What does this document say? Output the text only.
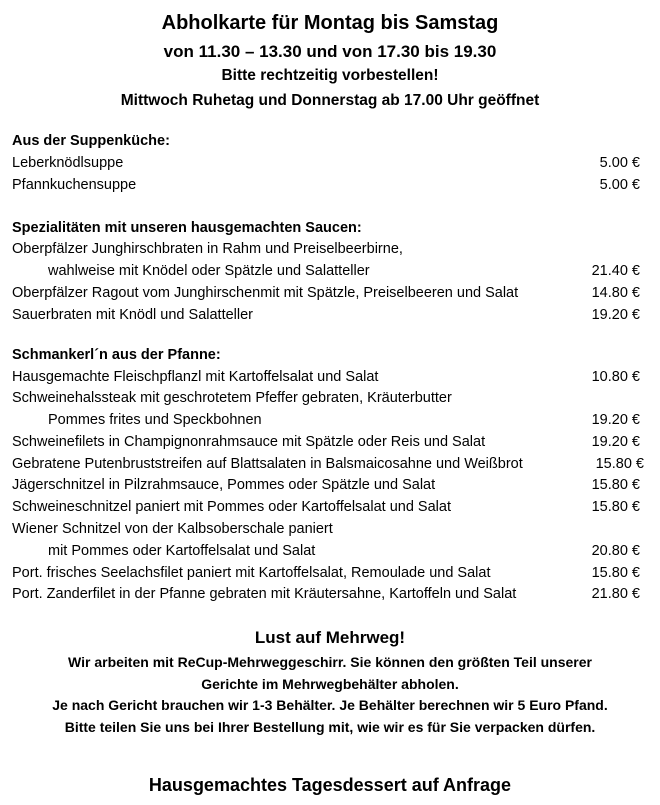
Abholkarte für Montag bis Samstag
von 11.30 – 13.30 und von 17.30 bis 19.30
Bitte rechtzeitig vorbestellen!
Mittwoch Ruhetag und Donnerstag ab 17.00 Uhr geöffnet
Aus der Suppenküche:
Leberknödlsuppe	5.00 €
Pfannkuchensuppe	5.00 €
Spezialitäten mit unseren hausgemachten Saucen:
Oberpfälzer Junghirschbraten in Rahm und Preiselbeerbirne,
wahlweise mit Knödel oder Spätzle und Salatteller	21.40 €
Oberpfälzer Ragout vom Junghirschenmit mit Spätzle, Preiselbeeren und Salat	14.80 €
Sauerbraten mit Knödl und Salatteller	19.20 €
Schmankerl´n aus der Pfanne:
Hausgemachte Fleischpflanzl mit Kartoffelsalat und Salat	10.80 €
Schweinehalssteak mit geschrotetem Pfeffer gebraten, Kräuterbutter
Pommes frites und Speckbohnen	19.20 €
Schweinefilets in Champignonrahmsauce mit Spätzle oder Reis und Salat	19.20 €
Gebratene Putenbruststreifen auf Blattsalaten in Balsmaicosahne und Weißbrot	15.80 €
Jägerschnitzel in Pilzrahmsauce, Pommes oder Spätzle und Salat	15.80 €
Schweineschnitzel paniert mit Pommes oder Kartoffelsalat und Salat	15.80 €
Wiener Schnitzel von der Kalbsoberschale paniert
mit Pommes oder Kartoffelsalat und Salat	20.80 €
Port. frisches Seelachsfilet paniert mit Kartoffelsalat, Remoulade und Salat	15.80 €
Port. Zanderfilet in der Pfanne gebraten mit Kräutersahne, Kartoffeln und Salat	21.80 €
Lust auf Mehrweg!
Wir arbeiten mit ReCup-Mehrweggeschirr. Sie können den größten Teil unserer
Gerichte im Mehrwegbehälter abholen.
Je nach Gericht brauchen wir 1-3 Behälter. Je Behälter berechnen wir 5 Euro Pfand.
Bitte teilen Sie uns bei Ihrer Bestellung mit, wie wir es für Sie verpacken dürfen.
Hausgemachtes Tagesdessert auf Anfrage
